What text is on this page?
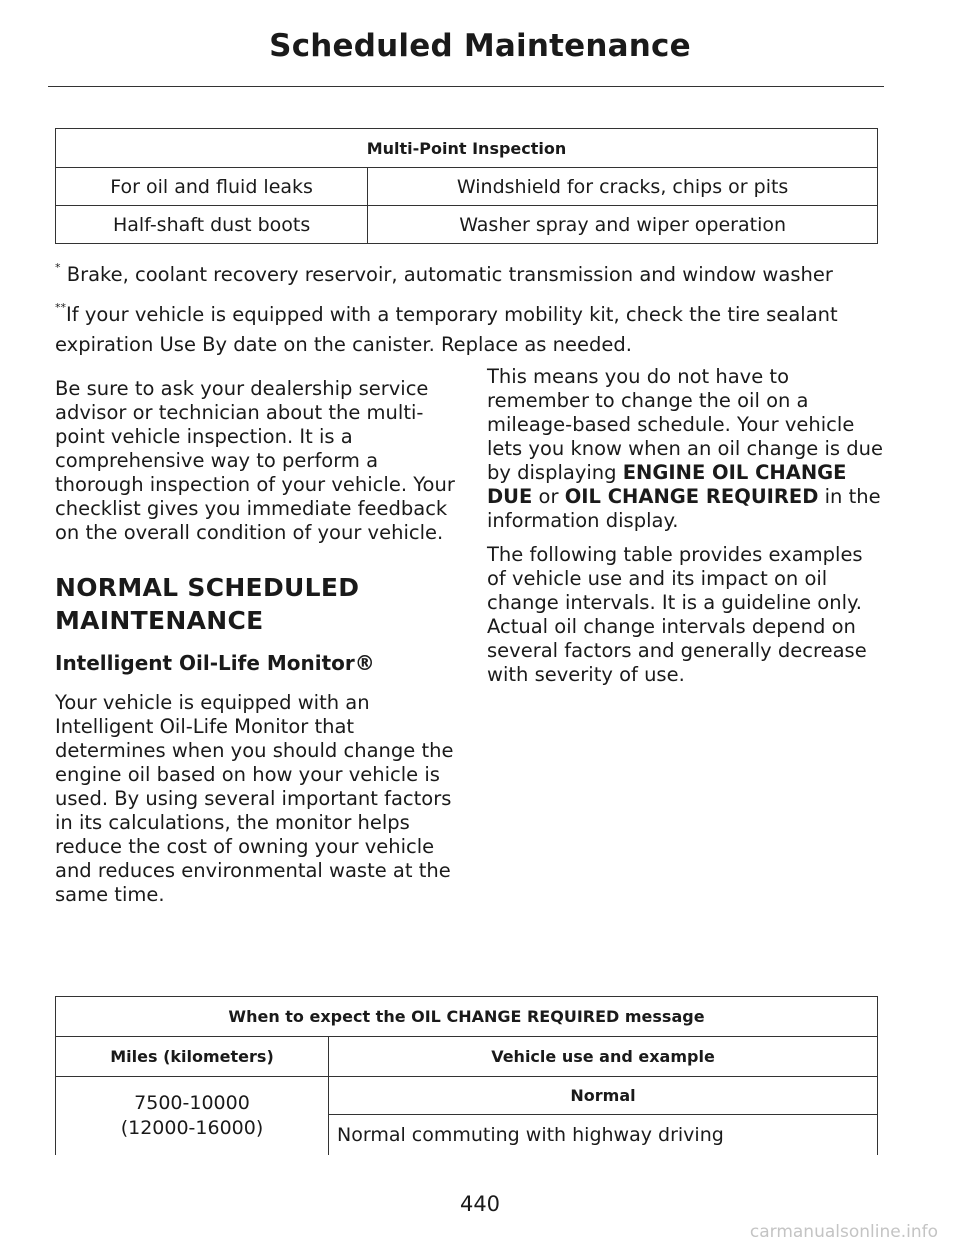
Scheduled Maintenance
Multi-Point Inspection	
For oil and fluid leaks	Windshield for cracks, chips or pits
Half-shaft dust boots	Washer spray and wiper operation
* Brake, coolant recovery reservoir, automatic transmission and window washer
**If your vehicle is equipped with a temporary mobility kit, check the tire sealant expiration Use By date on the canister. Replace as needed.

Be sure to ask your dealership service advisor or technician about the multi-point vehicle inspection. It is a comprehensive way to perform a thorough inspection of your vehicle. Your checklist gives you immediate feedback on the overall condition of your vehicle.

NORMAL SCHEDULED MAINTENANCE
Intelligent Oil-Life Monitor®

Your vehicle is equipped with an Intelligent Oil-Life Monitor that determines when you should change the engine oil based on how your vehicle is used. By using several important factors in its calculations, the monitor helps reduce the cost of owning your vehicle and reduces environmental waste at the same time.

This means you do not have to remember to change the oil on a mileage-based schedule. Your vehicle lets you know when an oil change is due by displaying ENGINE OIL CHANGE DUE or OIL CHANGE REQUIRED in the information display.

The following table provides examples of vehicle use and its impact on oil change intervals. It is a guideline only. Actual oil change intervals depend on several factors and generally decrease with severity of use.

When to expect the OIL CHANGE REQUIRED message	
Miles (kilometers)	Vehicle use and example

7500-10000
(12000-16000)	Normal
	Normal commuting with highway driving
440
carmanualsonline.info
